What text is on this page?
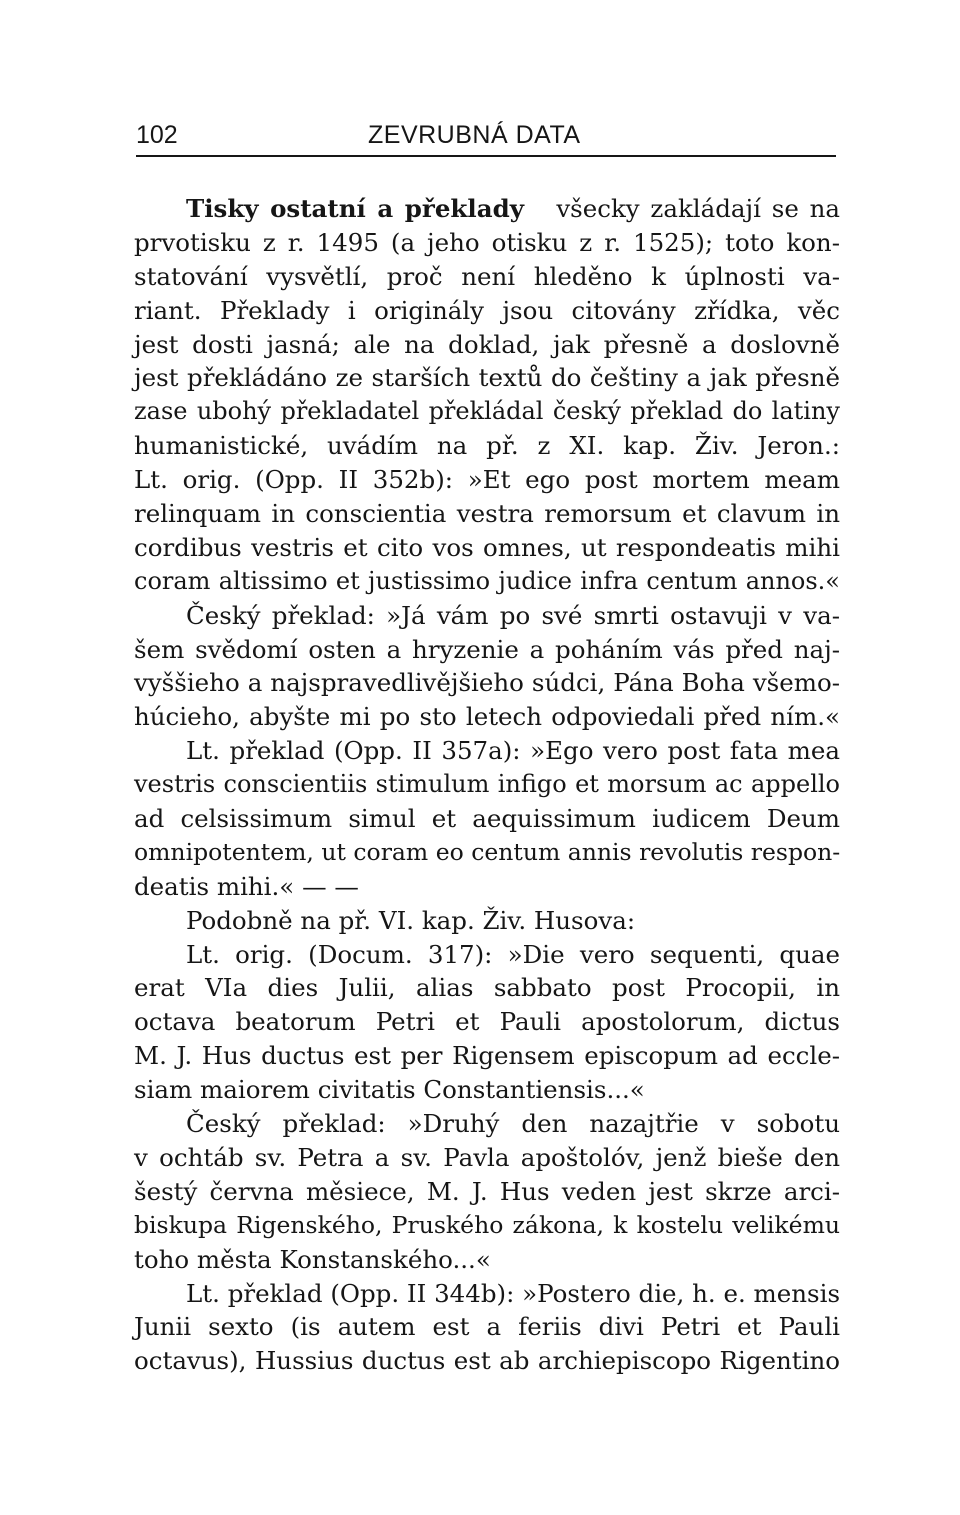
102	ZEVRUBNÁ DATA
Tisky ostatní a překlady všecky zakládají se na
prvotisku z r. 1495 (a jeho otisku z r. 1525); toto kon-
statování vysvětlí, proč není hleděno k úplnosti va-
riant. Překlady i originály jsou citovány zřídka, věc
jest dosti jasná; ale na doklad, jak přesně a doslovně
jest překládáno ze starších textů do češtiny a jak přesně
zase ubohý překladatel překládal český překlad do latiny
humanistické, uvádím na př. z XI. kap. Živ. Jeron.:
Lt. orig. (Opp. II 352b): »Et ego post mortem meam
relinquam in conscientia vestra remorsum et clavum in
cordibus vestris et cito vos omnes, ut respondeatis mihi
coram altissimo et justissimo judice infra centum annos.«
Český překlad: »Já vám po své smrti ostavuji v va-
šem svědomí osten a hryzenie a poháním vás před naj-
vyššieho a najspravedlivějšieho súdci, Pána Boha všemo-
húcieho, abyšte mi po sto letech odpoviedali před ním.«
Lt. překlad (Opp. II 357a): »Ego vero post fata mea
vestris conscientiis stimulum infigo et morsum ac appello
ad celsissimum simul et aequissimum iudicem Deum
omnipotentem, ut coram eo centum annis revolutis respon-
deatis mihi.« — —
Podobně na př. VI. kap. Živ. Husova:
Lt. orig. (Docum. 317): »Die vero sequenti, quae
erat VIa dies Julii, alias sabbato post Procopii, in
octava beatorum Petri et Pauli apostolorum, dictus
M. J. Hus ductus est per Rigensem episcopum ad eccle-
siam maiorem civitatis Constantiensis...«
Český překlad: »Druhý den nazajtřie v sobotu
v ochtáb sv. Petra a sv. Pavla apoštolóv, jenž bieše den
šestý června měsiece, M. J. Hus veden jest skrze arci-
biskupa Rigenského, Pruského zákona, k kostelu velikému
toho města Konstanského...«
Lt. překlad (Opp. II 344b): »Postero die, h. e. mensis
Junii sexto (is autem est a feriis divi Petri et Pauli
octavus), Hussius ductus est ab archiepiscopo Rigentino
